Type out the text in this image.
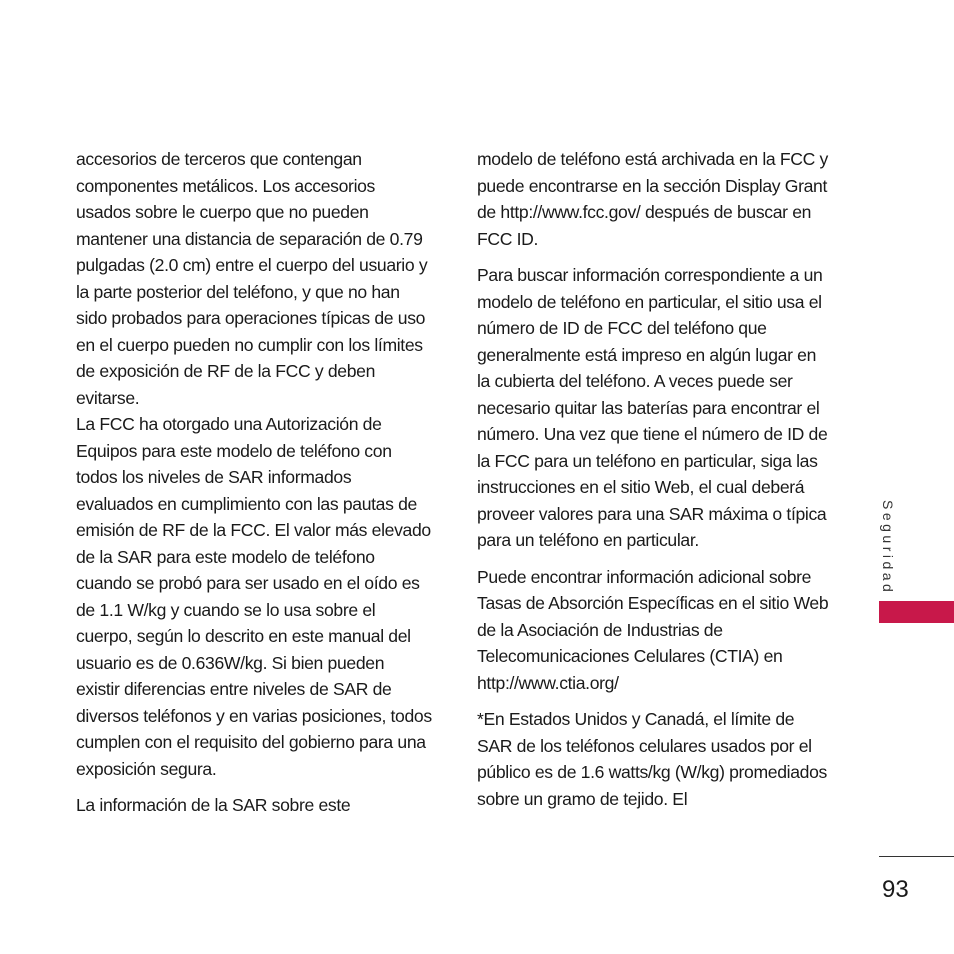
accesorios de terceros que contengan componentes metálicos. Los accesorios usados sobre le cuerpo que no pueden mantener una distancia de separación de 0.79 pulgadas (2.0 cm) entre el cuerpo del usuario y la parte posterior del teléfono, y que no han sido probados para operaciones típicas de uso en el cuerpo pueden no cumplir con los límites de exposición de RF de la FCC y deben evitarse.

La FCC ha otorgado una Autorización de Equipos para este modelo de teléfono con todos los niveles de SAR informados evaluados en cumplimiento con las pautas de emisión de RF de la FCC. El valor más elevado de la SAR para este modelo de teléfono cuando se probó para ser usado en el oído es de 1.1 W/kg y cuando se lo usa sobre el cuerpo, según lo descrito en este manual del usuario es de 0.636W/kg. Si bien pueden existir diferencias entre niveles de SAR de diversos teléfonos y en varias posiciones, todos cumplen con el requisito del gobierno para una exposición segura.

La información de la SAR sobre este

modelo de teléfono está archivada en la FCC y puede encontrarse en la sección Display Grant de http://www.fcc.gov/ después de buscar en FCC ID.

Para buscar información correspondiente a un modelo de teléfono en particular, el sitio usa el número de ID de FCC del teléfono que generalmente está impreso en algún lugar en la cubierta del teléfono. A veces puede ser necesario quitar las baterías para encontrar el número. Una vez que tiene el número de ID de la FCC para un teléfono en particular, siga las instrucciones en el sitio Web, el cual deberá proveer valores para una SAR máxima o típica para un teléfono en particular.

Puede encontrar información adicional sobre Tasas de Absorción Específicas en el sitio Web de la Asociación de Industrias de Telecomunicaciones Celulares (CTIA) en http://www.ctia.org/

*En Estados Unidos y Canadá, el límite de SAR de los teléfonos celulares usados por el público es de 1.6 watts/kg (W/kg) promediados sobre un gramo de tejido. El

Seguridad
93
